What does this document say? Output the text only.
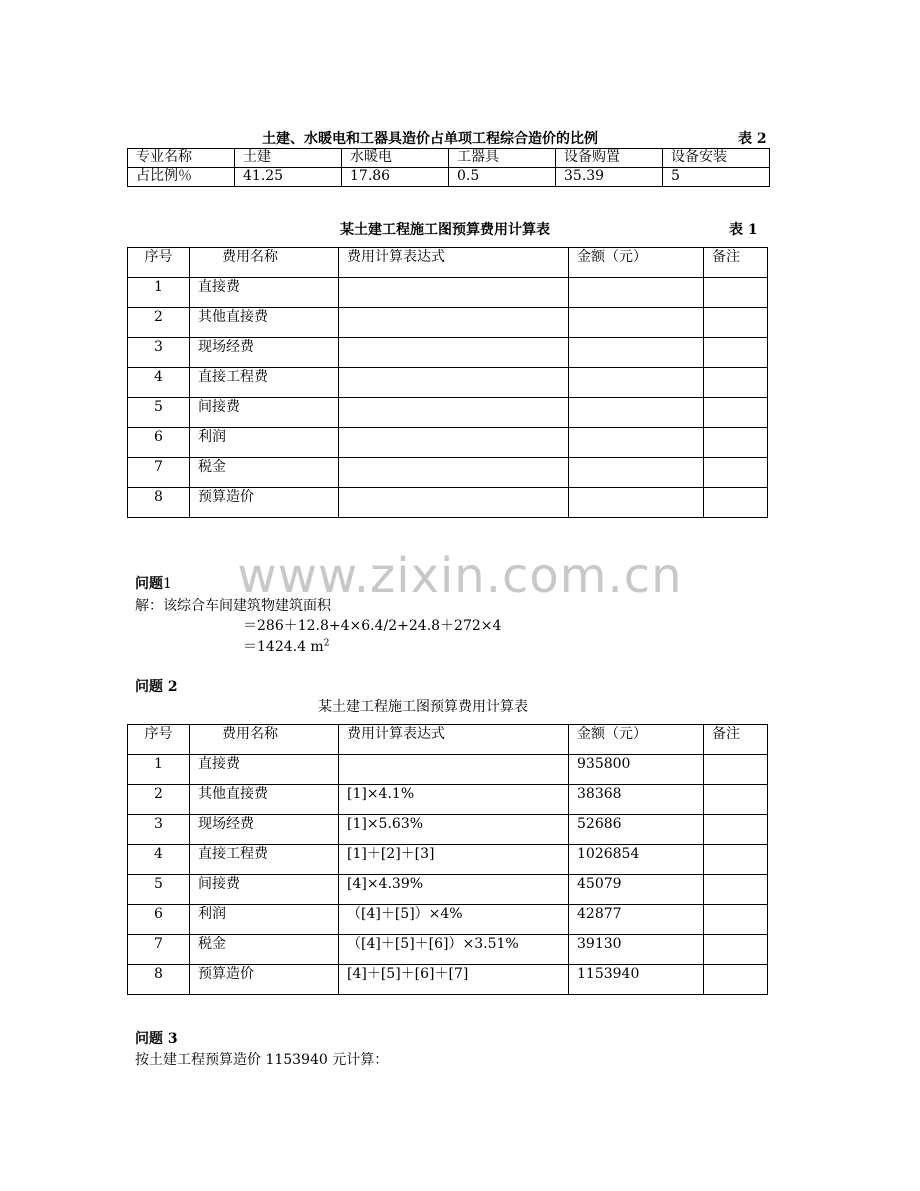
土建、水暖电和工器具造价占单项工程综合造价的比例	表 2
专业名称	土建	水暖电	工器具	设备购置	设备安装
占比例％	41.25	17.86	0.5	35.39	5
某土建工程施工图预算费用计算表	表 1
序号	费用名称	费用计算表达式	金额（元）	备注
1	直接费			
2	其他直接费			
3	现场经费			
4	直接工程费			
5	间接费			
6	利润			
7	税金			
8	预算造价			
www.zixin.com.cn
问题1
解：该综合车间建筑物建筑面积
＝286＋12.8+4×6.4/2+24.8＋272×4
＝1424.4 $m^2$
问题 2
某土建工程施工图预算费用计算表
序号	费用名称	费用计算表达式	金额（元）	备注
1	直接费		935800	
2	其他直接费	[1]×4.1%	38368	
3	现场经费	[1]×5.63%	52686	
4	直接工程费	[1]＋[2]＋[3]	1026854	
5	间接费	[4]×4.39%	45079	
6	利润	（[4]＋[5]）×4%	42877	
7	税金	（[4]＋[5]＋[6]）×3.51%	39130	
8	预算造价	[4]＋[5]＋[6]＋[7]	1153940	
问题 3
按土建工程预算造价 1153940 元计算：
